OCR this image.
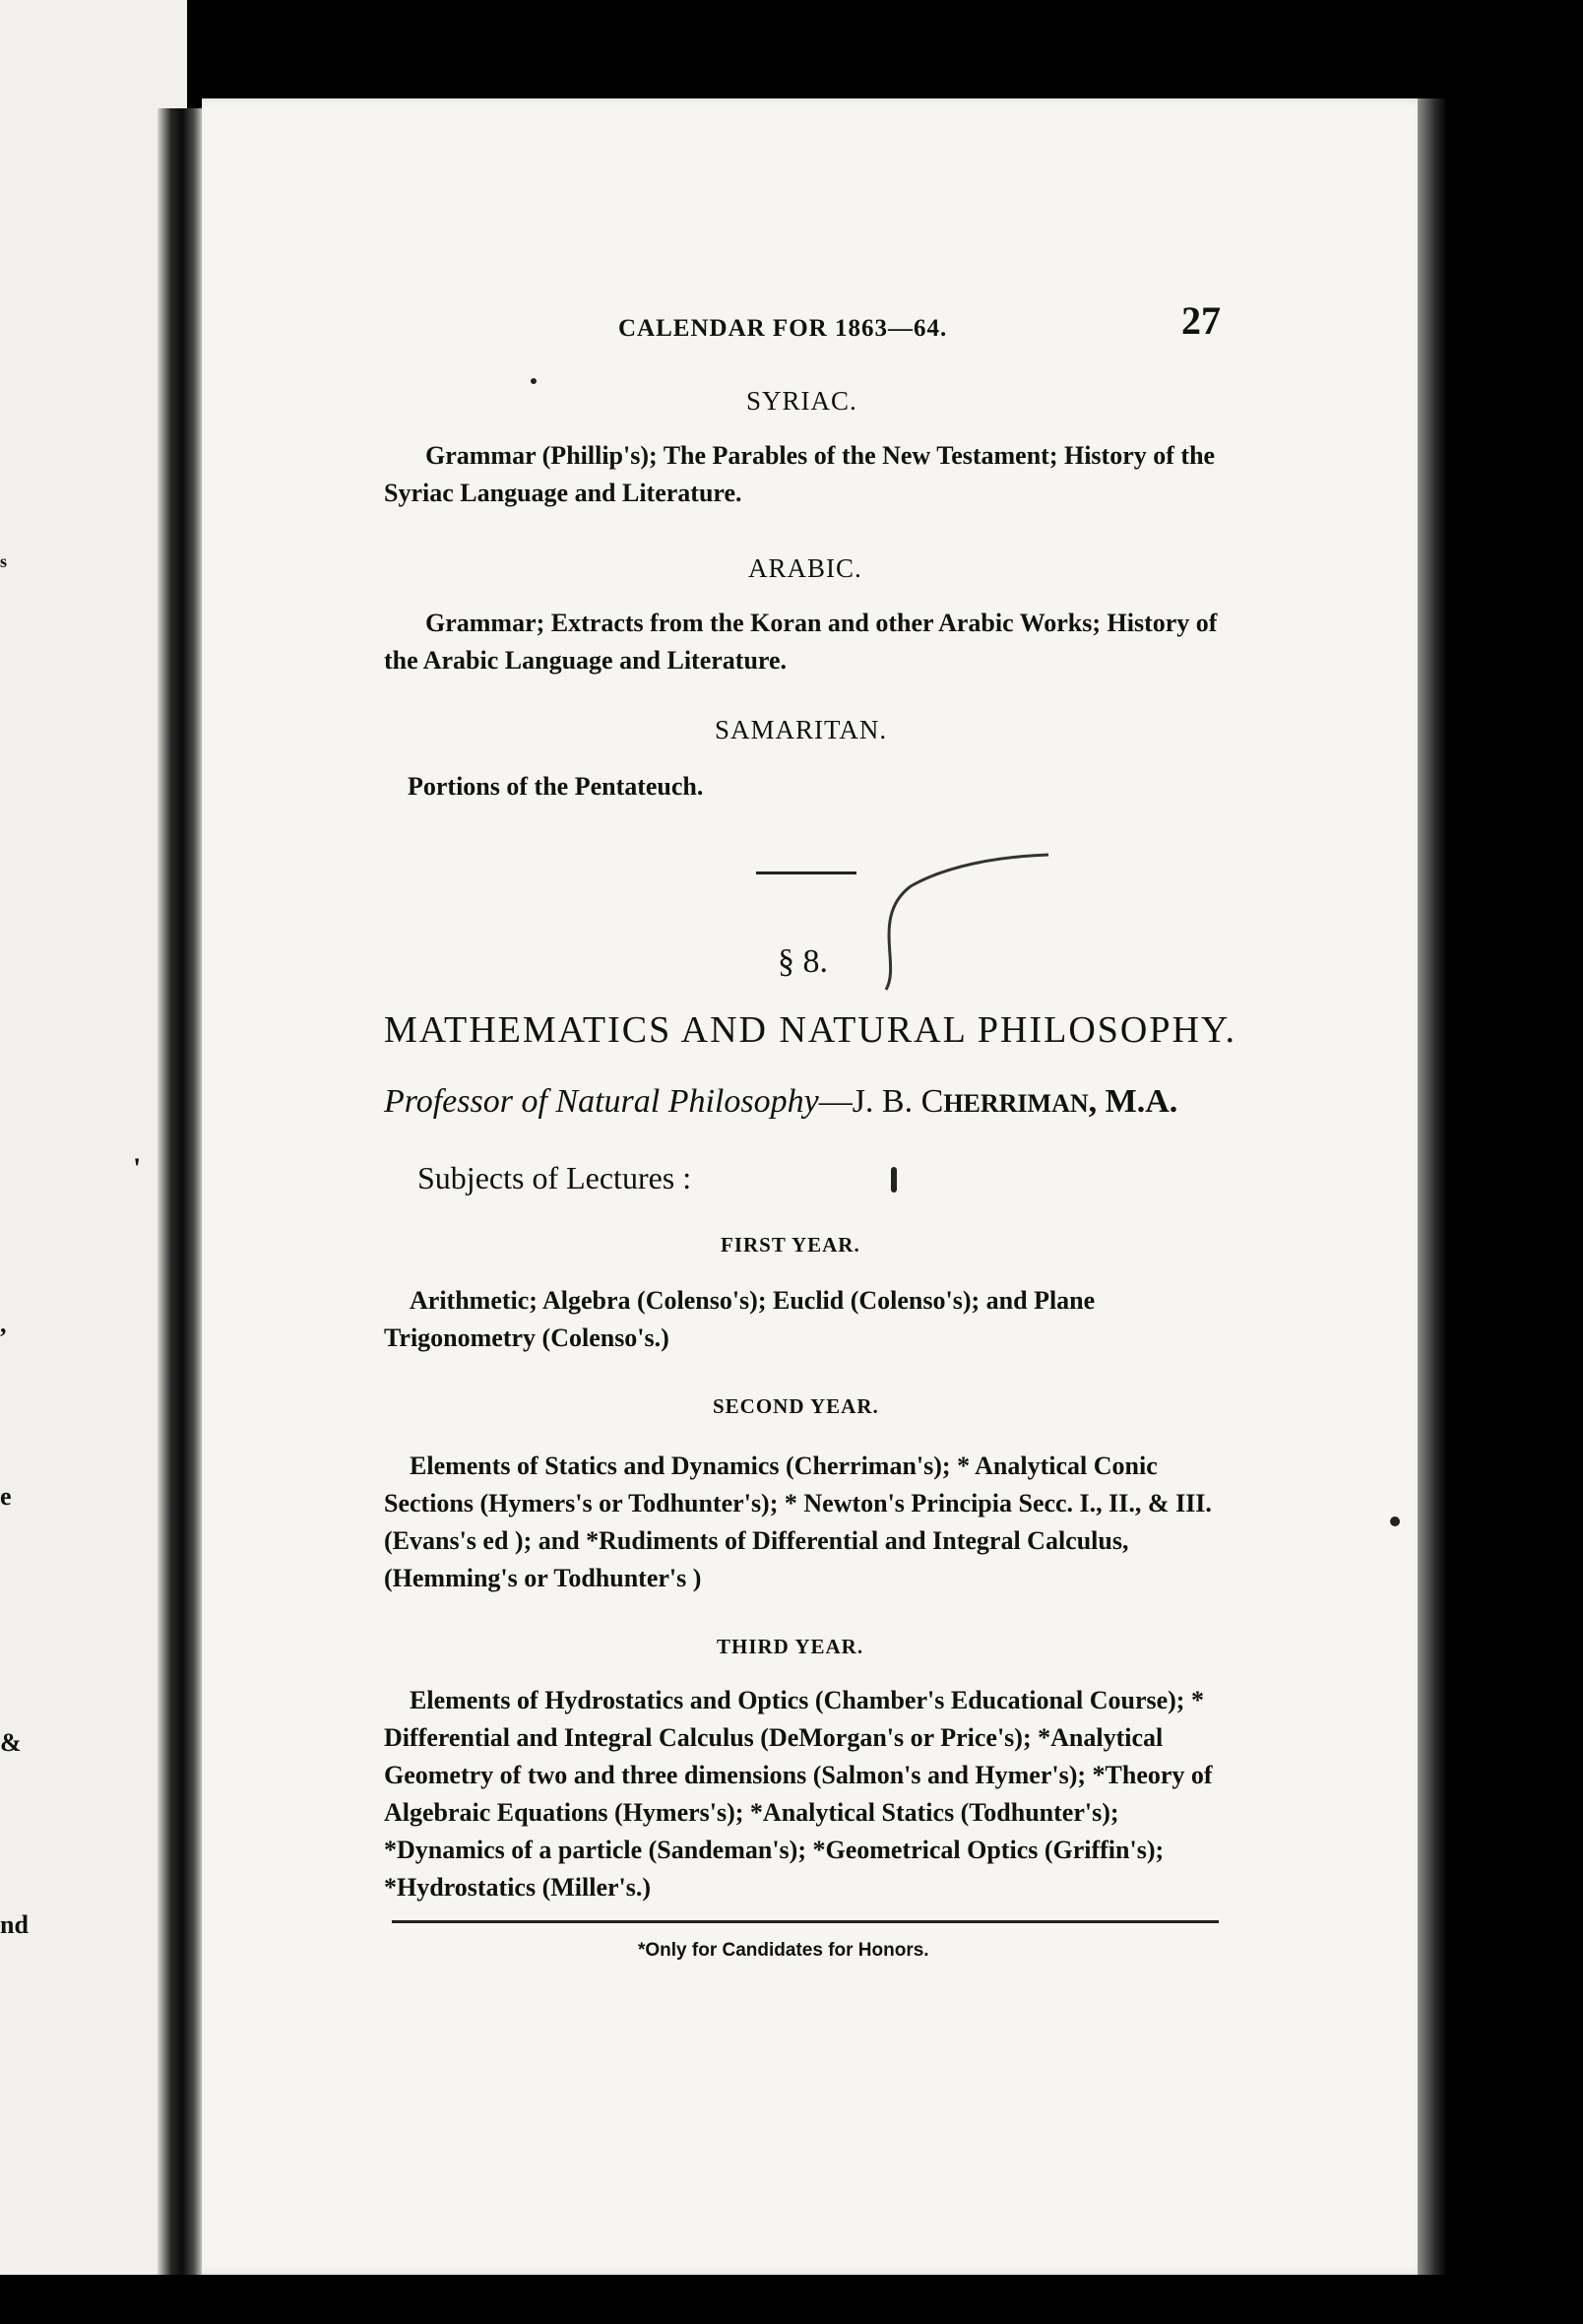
s
,
e
&
nd
'
CALENDAR FOR 1863—64.	27
SYRIAC.
Grammar (Phillip's); The Parables of the New Testament; History of the Syriac Language and Literature.
ARABIC.
Grammar; Extracts from the Koran and other Arabic Works; History of the Arabic Language and Literature.
SAMARITAN.
Portions of the Pentateuch.
§ 8.
MATHEMATICS AND NATURAL PHILOSOPHY.
Professor of Natural Philosophy—J. B. CHERRIMAN, M.A.
Subjects of Lectures :
FIRST YEAR.
Arithmetic; Algebra (Colenso's); Euclid (Colenso's); and Plane Trigonometry (Colenso's.)
SECOND YEAR.
Elements of Statics and Dynamics (Cherriman's); * Analytical Conic Sections (Hymers's or Todhunter's); * Newton's Principia Secc. I., II., & III. (Evans's ed ); and *Rudiments of Differential and Integral Calculus, (Hemming's or Todhunter's )
THIRD YEAR.
Elements of Hydrostatics and Optics (Chamber's Educational Course); * Differential and Integral Calculus (DeMorgan's or Price's); *Analytical Geometry of two and three dimensions (Salmon's and Hymer's); *Theory of Algebraic Equations (Hymers's); *Analytical Statics (Todhunter's); *Dynamics of a particle (Sandeman's); *Geometrical Optics (Griffin's); *Hydrostatics (Miller's.)
*Only for Candidates for Honors.
